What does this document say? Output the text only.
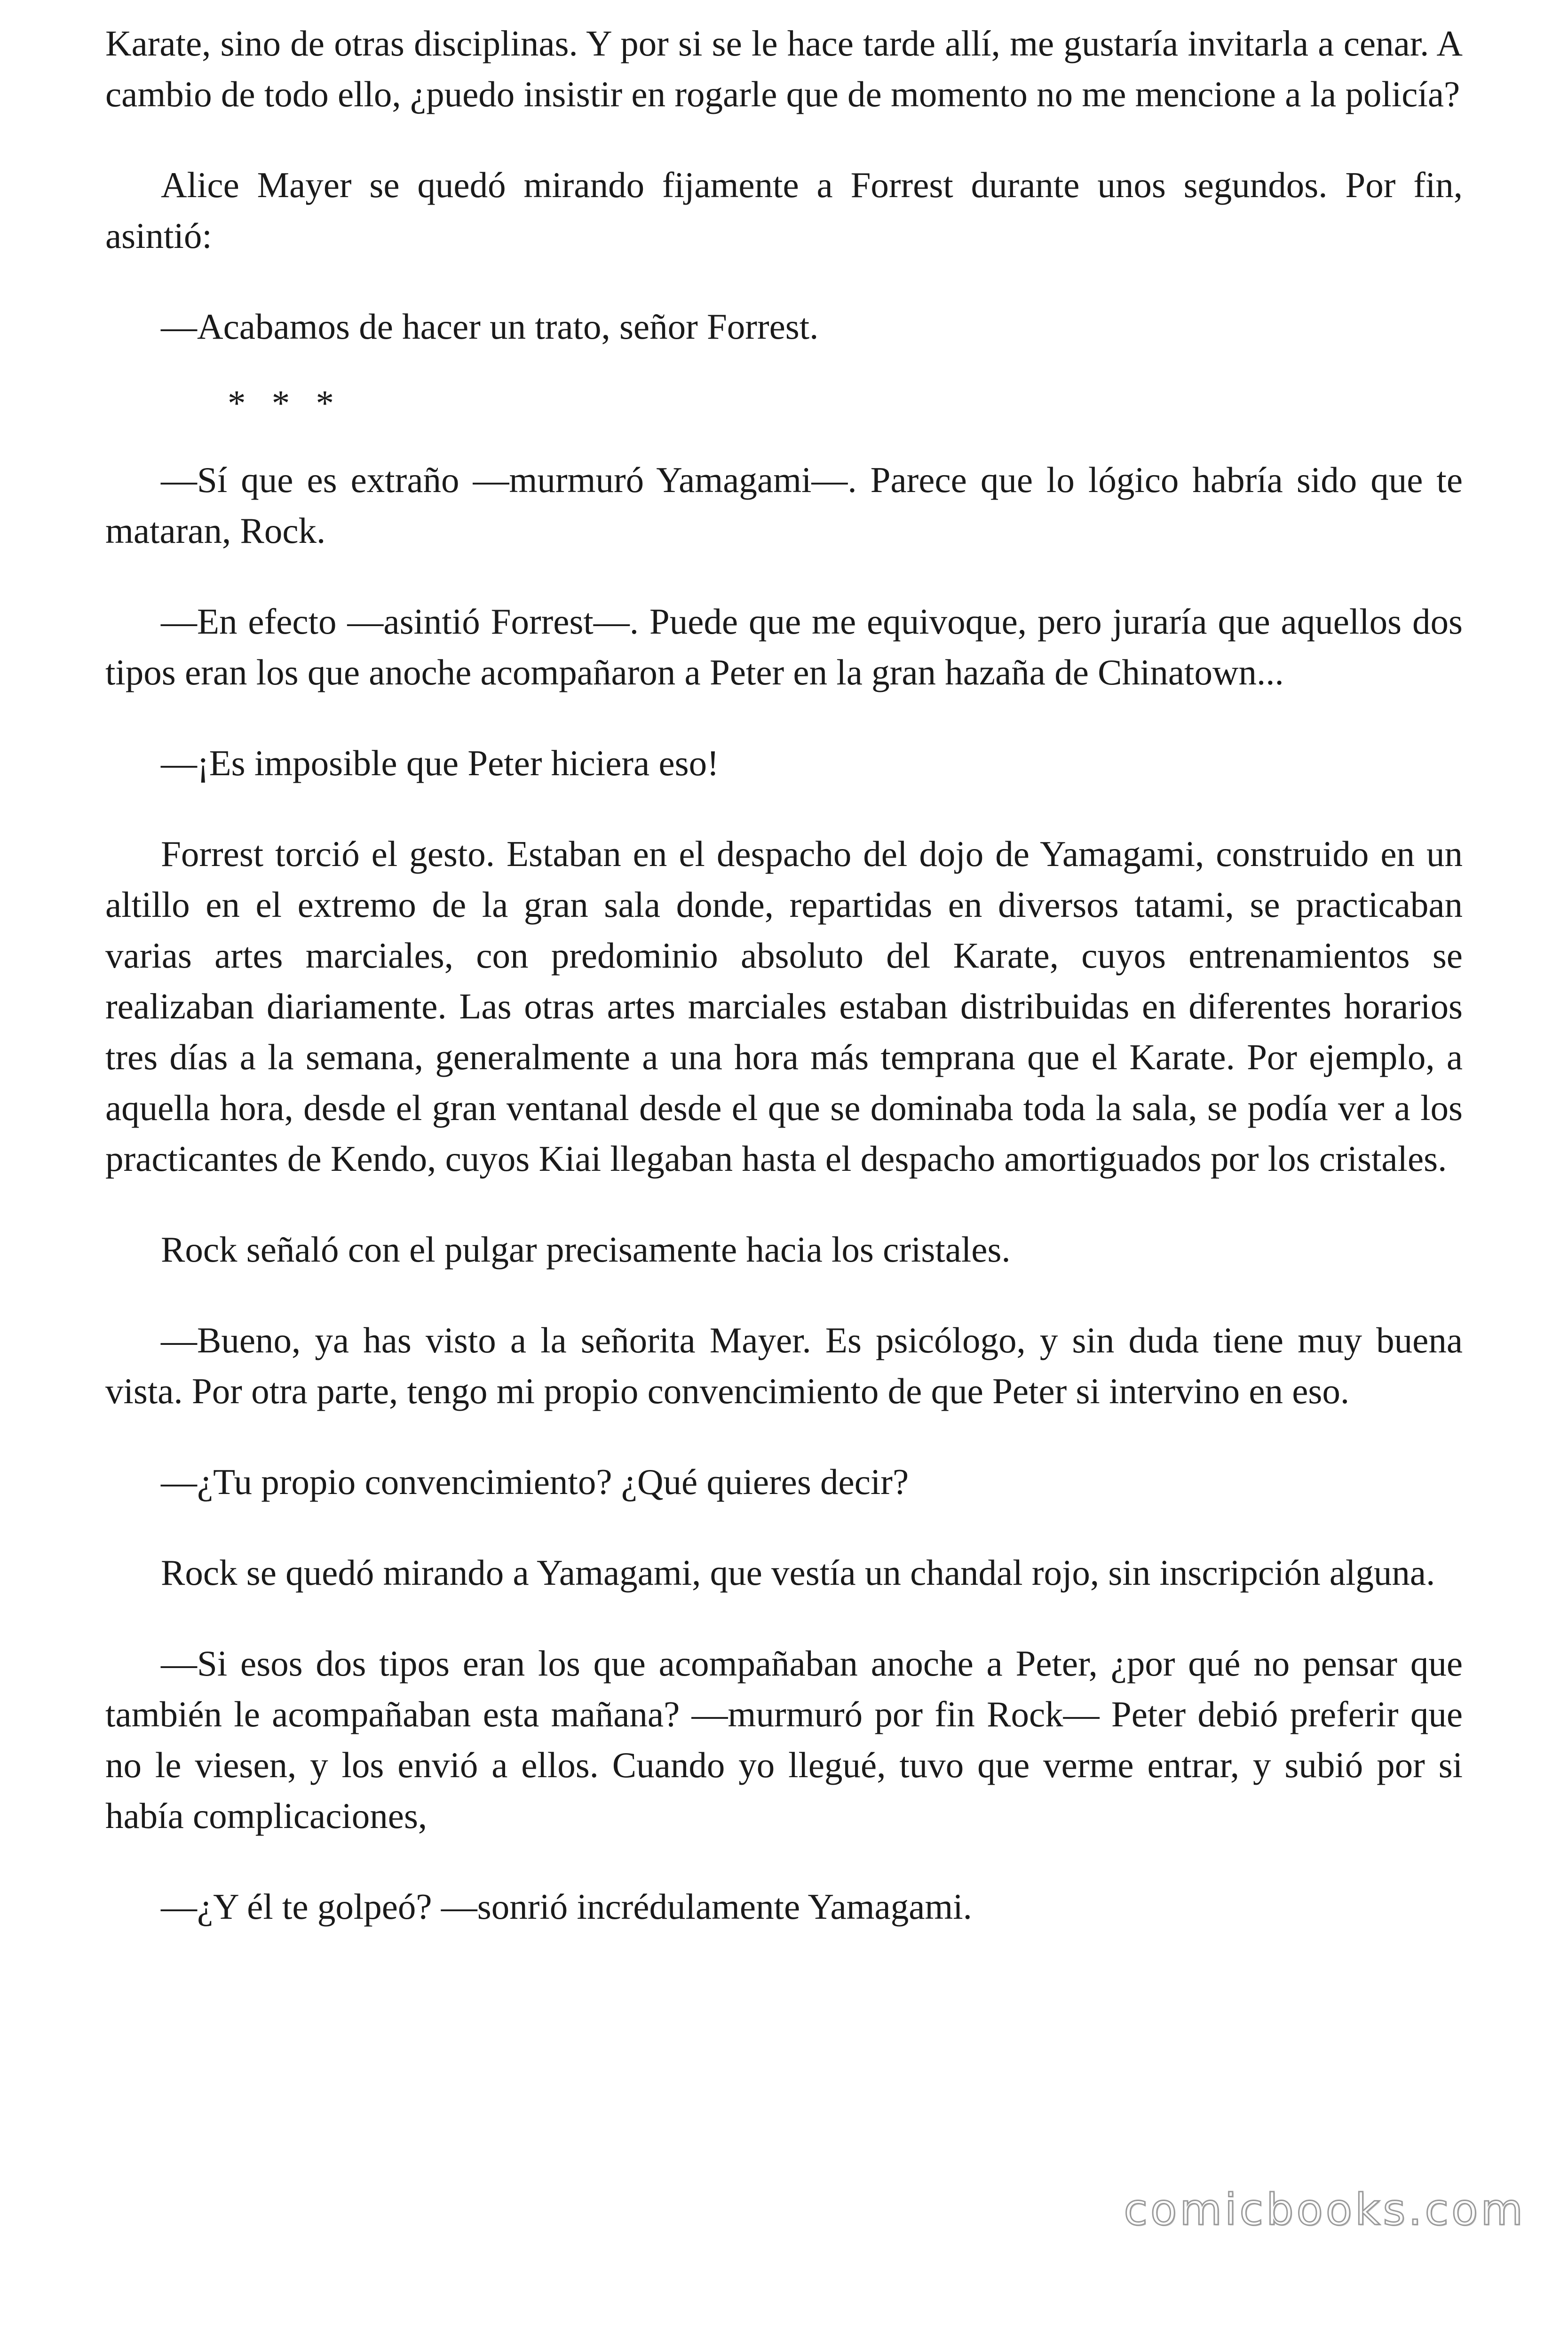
Karate, sino de otras disciplinas. Y por si se le hace tarde allí, me gustaría invitarla a cenar. A cambio de todo ello, ¿puedo insistir en rogarle que de momento no me mencione a la policía?

Alice Mayer se quedó mirando fijamente a Forrest durante unos segundos. Por fin, asintió:

—Acabamos de hacer un trato, señor Forrest.

* * *

—Sí que es extraño —murmuró Yamagami—. Parece que lo lógico habría sido que te mataran, Rock.

—En efecto —asintió Forrest—. Puede que me equivoque, pero juraría que aquellos dos tipos eran los que anoche acompañaron a Peter en la gran hazaña de Chinatown...

—¡Es imposible que Peter hiciera eso!

Forrest torció el gesto. Estaban en el despacho del dojo de Yamagami, construido en un altillo en el extremo de la gran sala donde, repartidas en diversos tatami, se practicaban varias artes marciales, con predominio absoluto del Karate, cuyos entrenamientos se realizaban diariamente. Las otras artes marciales estaban distribuidas en diferentes horarios tres días a la semana, generalmente a una hora más temprana que el Karate. Por ejemplo, a aquella hora, desde el gran ventanal desde el que se dominaba toda la sala, se podía ver a los practicantes de Kendo, cuyos Kiai llegaban hasta el despacho amortiguados por los cristales.

Rock señaló con el pulgar precisamente hacia los cristales.

—Bueno, ya has visto a la señorita Mayer. Es psicólogo, y sin duda tiene muy buena vista. Por otra parte, tengo mi propio convencimiento de que Peter si intervino en eso.

—¿Tu propio convencimiento? ¿Qué quieres decir?

Rock se quedó mirando a Yamagami, que vestía un chandal rojo, sin inscripción alguna.

—Si esos dos tipos eran los que acompañaban anoche a Peter, ¿por qué no pensar que también le acompañaban esta mañana? —murmuró por fin Rock— Peter debió preferir que no le viesen, y los envió a ellos. Cuando yo llegué, tuvo que verme entrar, y subió por si había complicaciones,

—¿Y él te golpeó? —sonrió incrédulamente Yamagami.

comicbooks.com
